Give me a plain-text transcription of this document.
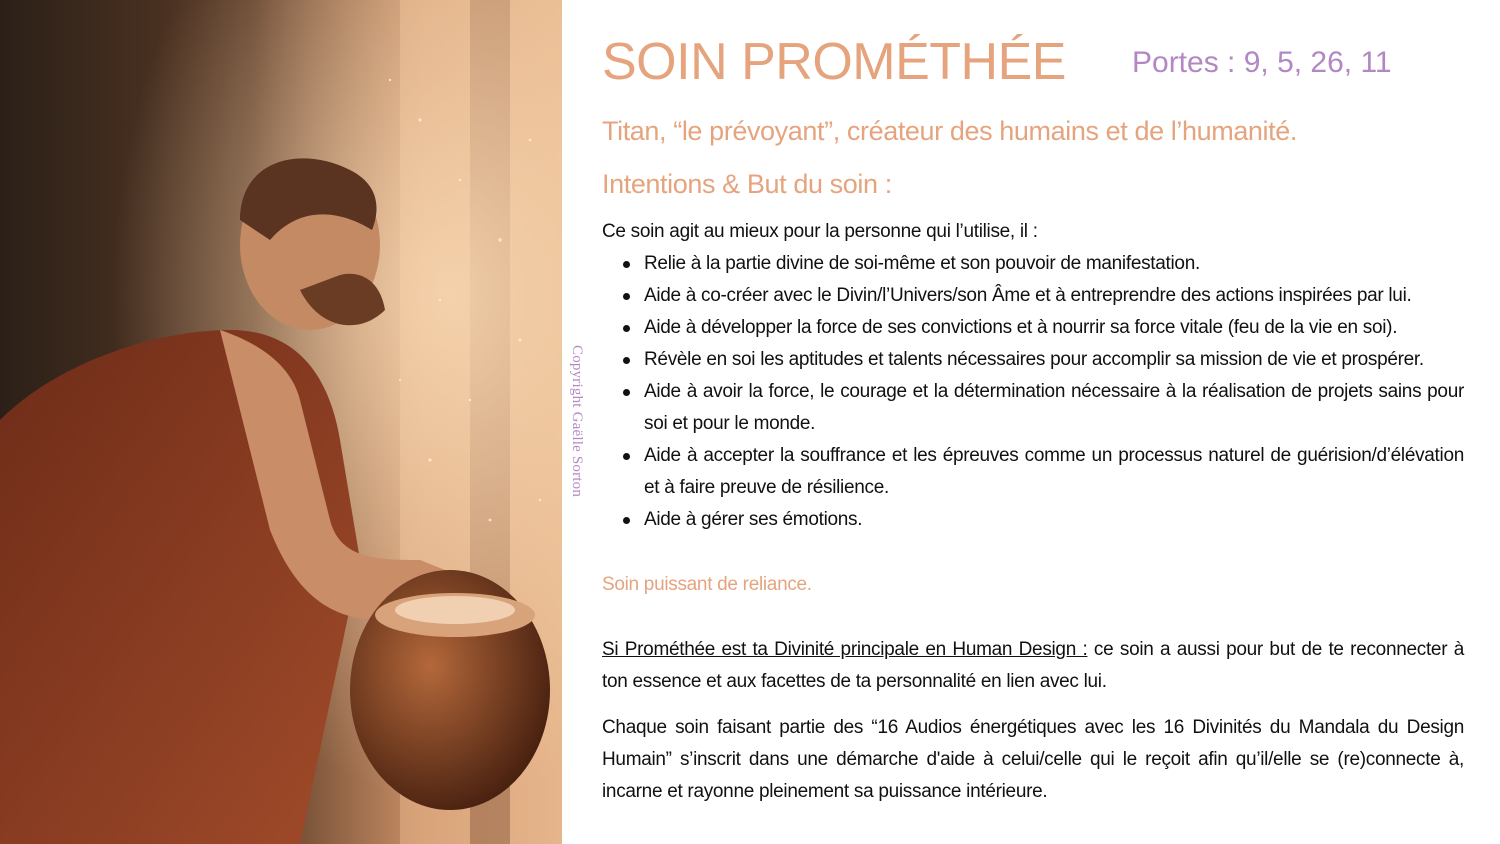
Copyright Gaëlle Sorton
SOIN PROMÉTHÉE Portes : 9, 5, 26, 11

Titan, “le prévoyant”, créateur des humains et de l’humanité.

Intentions & But du soin :

Ce soin agit au mieux pour la personne qui l’utilise, il :

Relie à la partie divine de soi-même et son pouvoir de manifestation.
Aide à co-créer avec le Divin/l’Univers/son Âme et à entreprendre des actions inspirées par lui.
Aide à développer la force de ses convictions et à nourrir sa force vitale (feu de la vie en soi).
Révèle en soi les aptitudes et talents nécessaires pour accomplir sa mission de vie et prospérer.
Aide à avoir la force, le courage et la détermination nécessaire à la réalisation de projets sains pour soi et pour le monde.
Aide à accepter la souffrance et les épreuves comme un processus naturel de guérision/d’élévation et à faire preuve de résilience.
Aide à gérer ses émotions.

Soin puissant de reliance.

Si Prométhée est ta Divinité principale en Human Design : ce soin a aussi pour but de te reconnecter à ton essence et aux facettes de ta personnalité en lien avec lui.

Chaque soin faisant partie des “16 Audios énergétiques avec les 16 Divinités du Mandala du Design Humain” s’inscrit dans une démarche d'aide à celui/celle qui le reçoit afin qu’il/elle se (re)connecte à, incarne et rayonne pleinement sa puissance intérieure.
